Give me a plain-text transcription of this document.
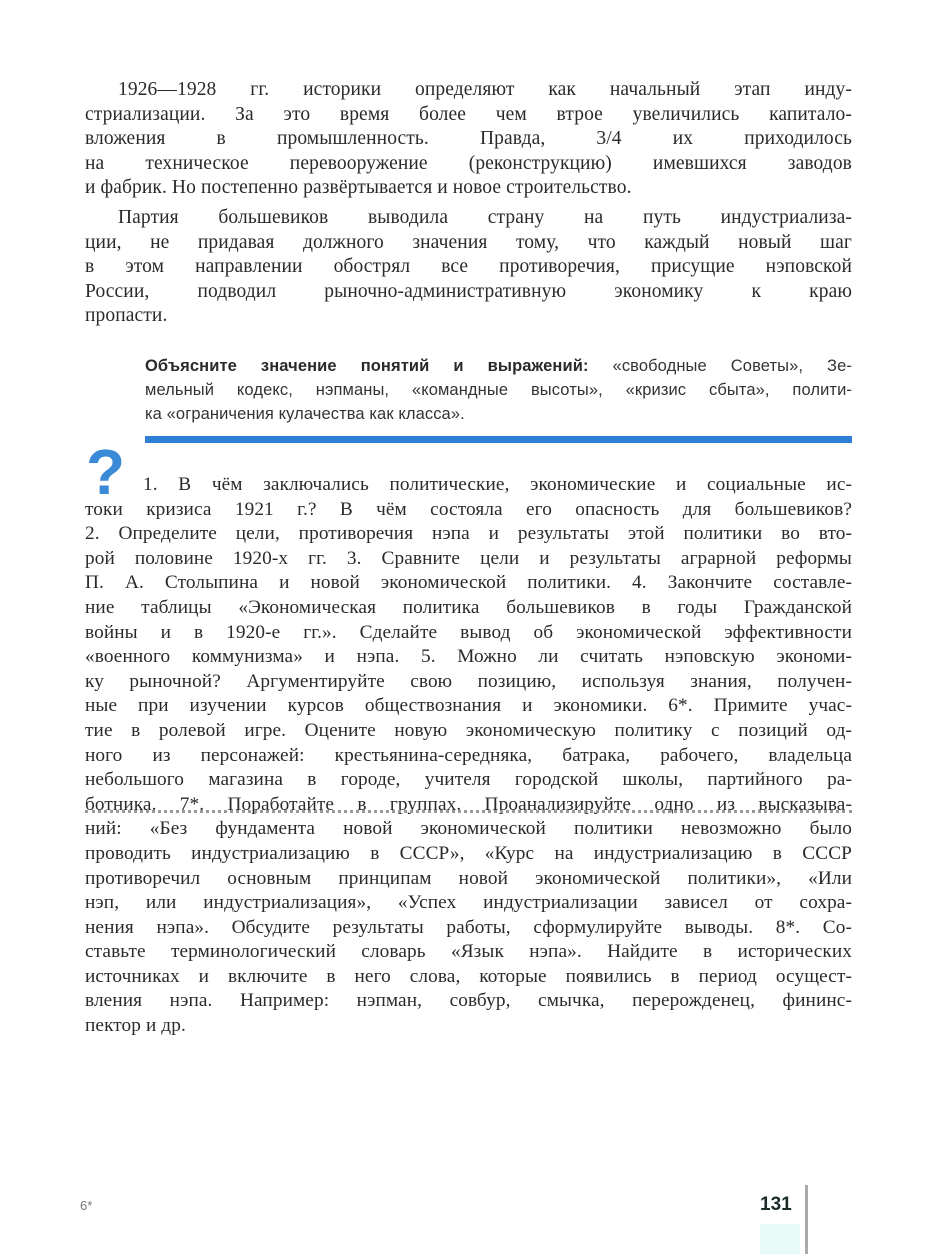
1926—1928 гг. историки определяют как начальный этап инду-
стриализации. За это время более чем втрое увеличились капитало-
вложения в промышленность. Правда, 3/4 их приходилось
на техническое перевооружение (реконструкцию) имевшихся заводов
и фабрик. Но постепенно развёртывается и новое строительство.
Партия большевиков выводила страну на путь индустриализа-
ции, не придавая должного значения тому, что каждый новый шаг
в этом направлении обострял все противоречия, присущие нэповской
России, подводил рыночно-административную экономику к краю
пропасти.
Объясните значение понятий и выражений: «свободные Советы», Зе-
мельный кодекс, нэпманы, «командные высоты», «кризис сбыта», полити-
ка «ограничения кулачества как класса».
? 1. В чём заключались политические, экономические и социальные ис-
токи кризиса 1921 г.? В чём состояла его опасность для большевиков?
2. Определите цели, противоречия нэпа и результаты этой политики во вто-
рой половине 1920-х гг. 3. Сравните цели и результаты аграрной реформы
П. А. Столыпина и новой экономической политики. 4. Закончите составле-
ние таблицы «Экономическая политика большевиков в годы Гражданской
войны и в 1920-е гг.». Сделайте вывод об экономической эффективности
«военного коммунизма» и нэпа. 5. Можно ли считать нэповскую экономи-
ку рыночной? Аргументируйте свою позицию, используя знания, получен-
ные при изучении курсов обществознания и экономики. 6*. Примите учас-
тие в ролевой игре. Оцените новую экономическую политику с позиций од-
ного из персонажей: крестьянина-середняка, батрака, рабочего, владельца
небольшого магазина в городе, учителя городской школы, партийного ра-
ботника. 7*. Поработайте в группах. Проанализируйте одно из высказыва-
ний: «Без фундамента новой экономической политики невозможно было
проводить индустриализацию в СССР», «Курс на индустриализацию в СССР
противоречил основным принципам новой экономической политики», «Или
нэп, или индустриализация», «Успех индустриализации зависел от сохра-
нения нэпа». Обсудите результаты работы, сформулируйте выводы. 8*. Со-
ставьте терминологический словарь «Язык нэпа». Найдите в исторических
источниках и включите в него слова, которые появились в период осущест-
вления нэпа. Например: нэпман, совбур, смычка, перерожденец, фининс-
пектор и др.
6*	131
